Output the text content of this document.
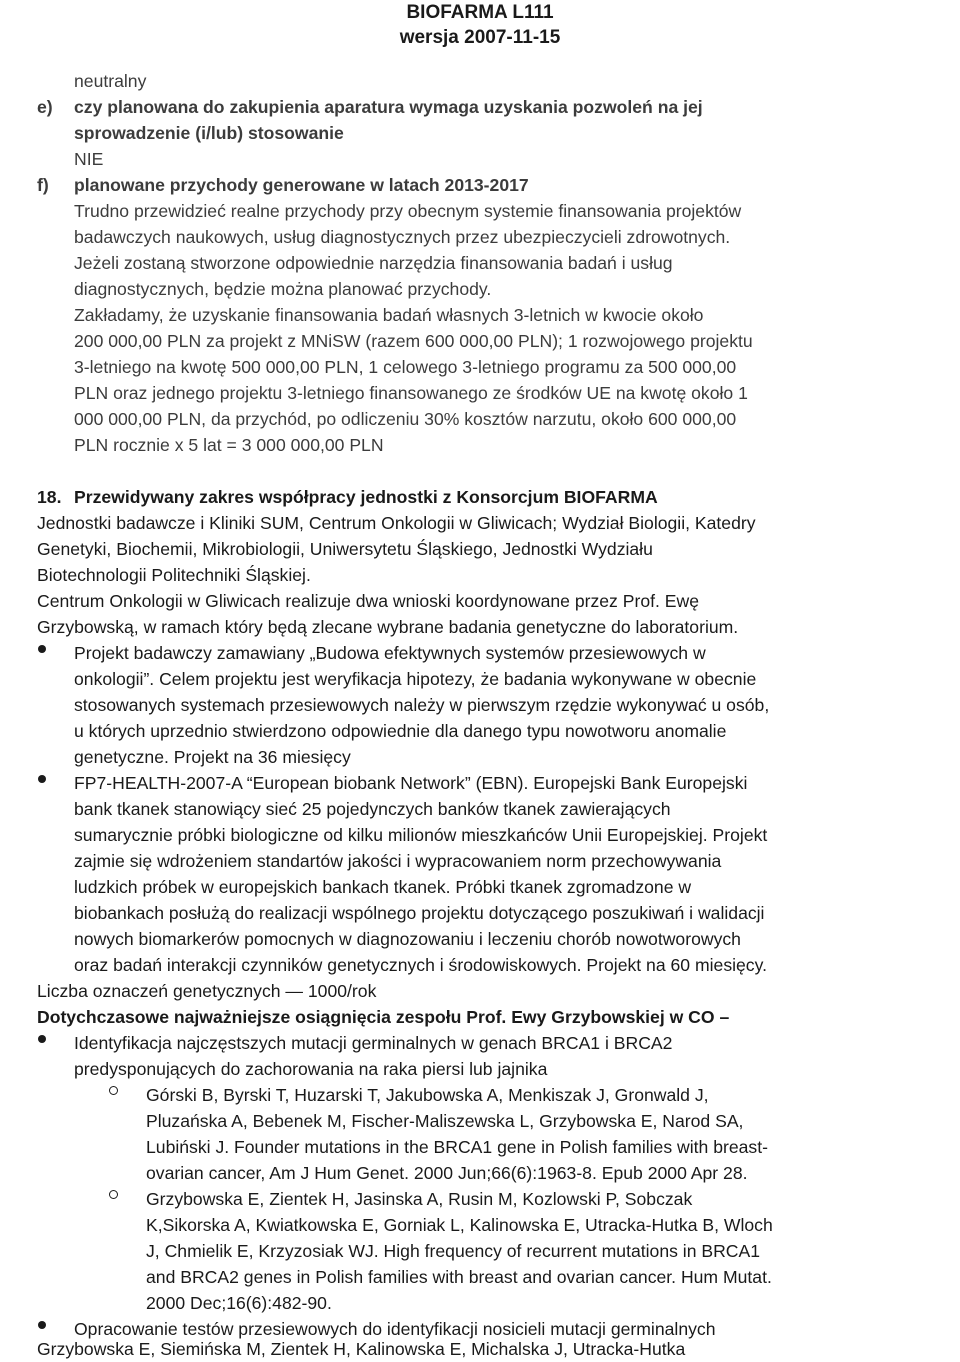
BIOFARMA L111
wersja 2007-11-15
neutralny
e) czy planowana do zakupienia aparatura wymaga uzyskania pozwoleń na jej
sprowadzenie (i/lub) stosowanie
NIE
f) planowane przychody generowane w latach 2013-2017
Trudno przewidzieć realne przychody przy obecnym systemie finansowania projektów
badawczych naukowych, usług diagnostycznych przez ubezpieczycieli zdrowotnych.
Jeżeli zostaną stworzone odpowiednie narzędzia finansowania badań i usług
diagnostycznych, będzie można planować przychody.
Zakładamy, że uzyskanie finansowania badań własnych 3-letnich w kwocie około
200 000,00 PLN za projekt z MNiSW (razem 600 000,00 PLN); 1 rozwojowego projektu
3-letniego na kwotę 500 000,00 PLN, 1 celowego 3-letniego programu za 500 000,00
PLN oraz jednego projektu 3-letniego finansowanego ze środków UE na kwotę około 1
000 000,00 PLN, da przychód, po odliczeniu 30% kosztów narzutu, około 600 000,00
PLN rocznie x 5 lat = 3 000 000,00 PLN
18. Przewidywany zakres współpracy jednostki z Konsorcjum BIOFARMA
Jednostki badawcze i Kliniki SUM, Centrum Onkologii w Gliwicach; Wydział Biologii, Katedry
Genetyki, Biochemii, Mikrobiologii, Uniwersytetu Śląskiego, Jednostki Wydziału
Biotechnologii Politechniki Śląskiej.
Centrum Onkologii w Gliwicach realizuje dwa wnioski koordynowane przez Prof. Ewę
Grzybowską, w ramach który będą zlecane wybrane badania genetyczne do laboratorium.
Projekt badawczy zamawiany „Budowa efektywnych systemów przesiewowych w
onkologii”. Celem projektu jest weryfikacja hipotezy, że badania wykonywane w obecnie
stosowanych systemach przesiewowych należy w pierwszym rzędzie wykonywać u osób,
u których uprzednio stwierdzono odpowiednie dla danego typu nowotworu anomalie
genetyczne. Projekt na 36 miesięcy
FP7-HEALTH-2007-A “European biobank Network” (EBN). Europejski Bank Europejski
bank tkanek stanowiący sieć 25 pojedynczych banków tkanek zawierających
sumarycznie próbki biologiczne od kilku milionów mieszkańców Unii Europejskiej. Projekt
zajmie się wdrożeniem standartów jakości i wypracowaniem norm przechowywania
ludzkich próbek w europejskich bankach tkanek. Próbki tkanek zgromadzone w
biobankach posłużą do realizacji wspólnego projektu dotyczącego poszukiwań i walidacji
nowych biomarkerów pomocnych w diagnozowaniu i leczeniu chorób nowotworowych
oraz badań interakcji czynników genetycznych i środowiskowych. Projekt na 60 miesięcy.
Liczba oznaczeń genetycznych — 1000/rok
Dotychczasowe najważniejsze osiągnięcia zespołu Prof. Ewy Grzybowskiej w CO –
Identyfikacja najczęstszych mutacji germinalnych w genach BRCA1 i BRCA2
predysponujących do zachorowania na raka piersi lub jajnika
Górski B, Byrski T, Huzarski T, Jakubowska A, Menkiszak J, Gronwald J,
Pluzańska A, Bebenek M, Fischer-Maliszewska L, Grzybowska E, Narod SA,
Lubiński J. Founder mutations in the BRCA1 gene in Polish families with breast-
ovarian cancer, Am J Hum Genet. 2000 Jun;66(6):1963-8. Epub 2000 Apr 28.
Grzybowska E, Zientek H, Jasinska A, Rusin M, Kozlowski P, Sobczak
K,Sikorska A, Kwiatkowska E, Gorniak L, Kalinowska E, Utracka-Hutka B, Wloch
J, Chmielik E, Krzyzosiak WJ. High frequency of recurrent mutations in BRCA1
and BRCA2 genes in Polish families with breast and ovarian cancer. Hum Mutat.
2000 Dec;16(6):482-90.
Opracowanie testów przesiewowych do identyfikacji nosicieli mutacji germinalnych
Grzybowska E, Siemińska M, Zientek H, Kalinowska E, Michalska J, Utracka-Hutka
